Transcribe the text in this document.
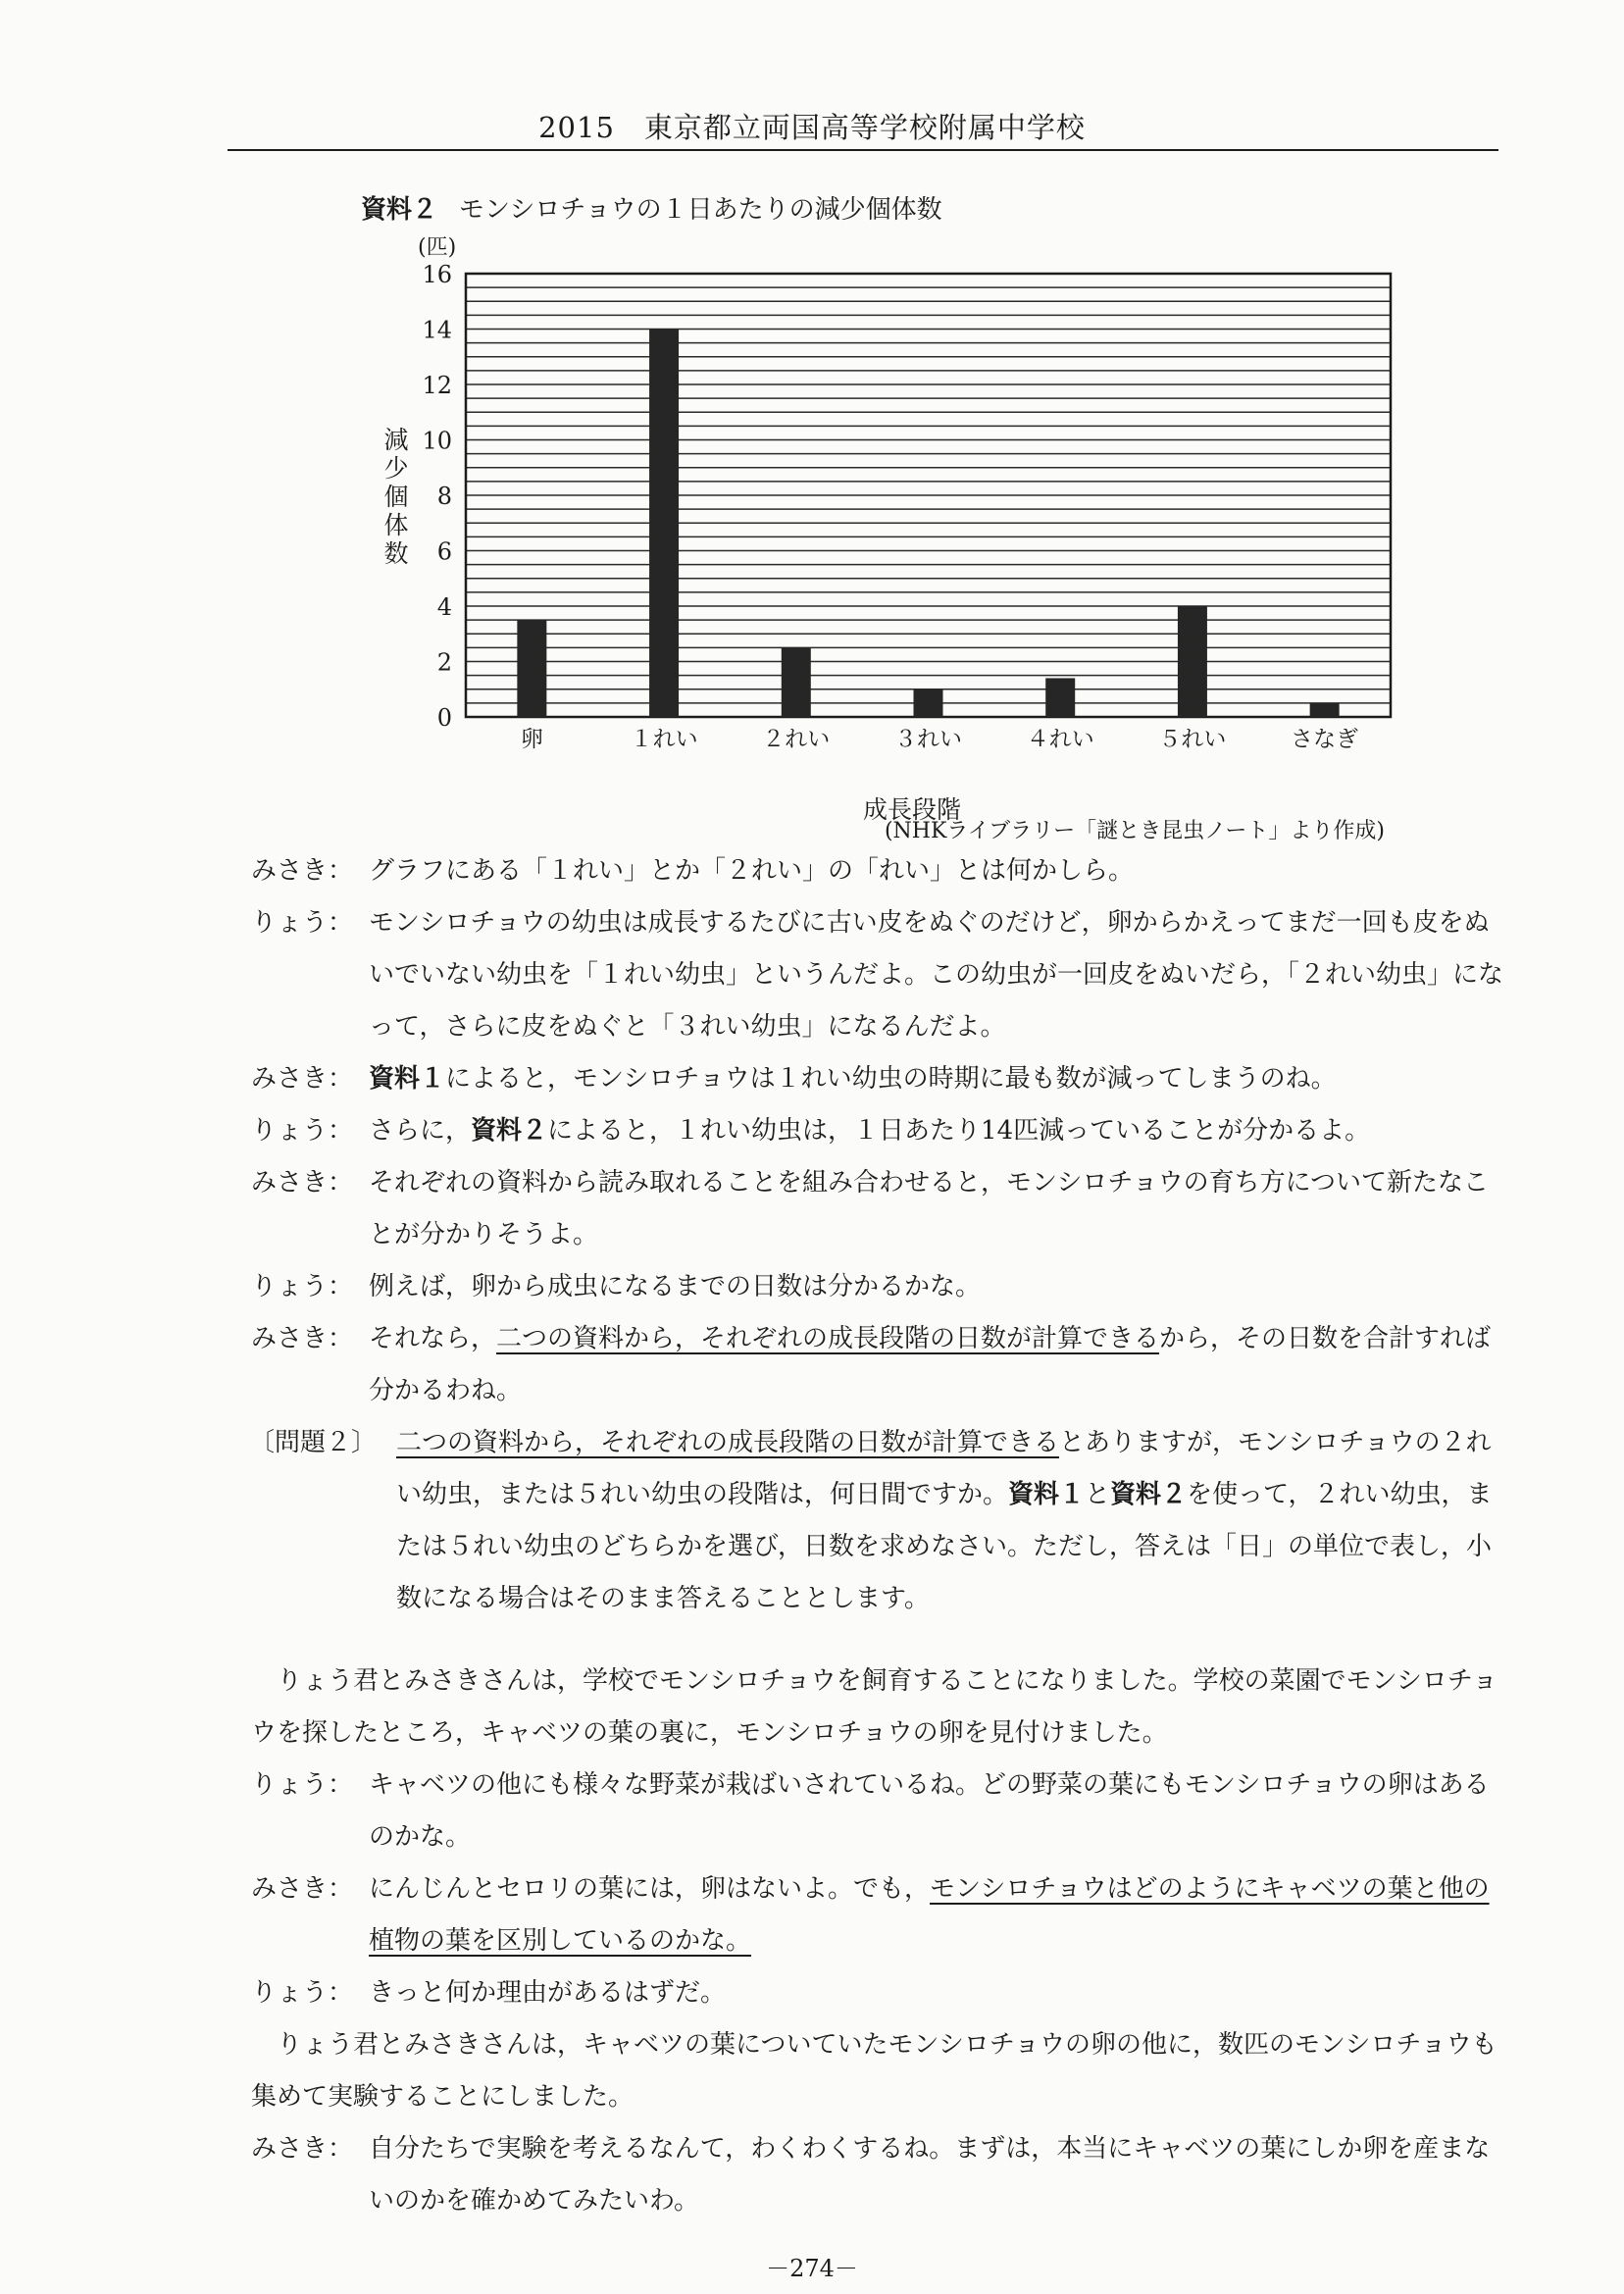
2015　東京都立両国高等学校附属中学校
資料２ モンシロチョウの１日あたりの減少個体数
(匹)
減少個体数
0
2
4
6
8
10
12
14
16
卵	１れい	２れい	３れい	４れい	５れい	さなぎ
成長段階
(NHKライブラリー「謎とき昆虫ノート」より作成)
みさき： グラフにある「１れい」とか「２れい」の「れい」とは何かしら。
りょう： モンシロチョウの幼虫は成長するたびに古い皮をぬぐのだけど，卵からかえってまだ一回も皮をぬいでいない幼虫を「１れい幼虫」というんだよ。この幼虫が一回皮をぬいだら，「２れい幼虫」になって，さらに皮をぬぐと「３れい幼虫」になるんだよ。
みさき： 資料１によると，モンシロチョウは１れい幼虫の時期に最も数が減ってしまうのね。
りょう： さらに，資料２によると，１れい幼虫は，１日あたり14匹減っていることが分かるよ。
みさき： それぞれの資料から読み取れることを組み合わせると，モンシロチョウの育ち方について新たなことが分かりそうよ。
りょう： 例えば，卵から成虫になるまでの日数は分かるかな。
みさき： それなら，二つの資料から，それぞれの成長段階の日数が計算できるから，その日数を合計すれば分かるわね。
〔問題２〕 二つの資料から，それぞれの成長段階の日数が計算できるとありますが，モンシロチョウの２れい幼虫，または５れい幼虫の段階は，何日間ですか。資料１と資料２を使って，２れい幼虫，または５れい幼虫のどちらかを選び，日数を求めなさい。ただし，答えは「日」の単位で表し，小数になる場合はそのまま答えることとします。
りょう君とみさきさんは，学校でモンシロチョウを飼育することになりました。学校の菜園でモンシロチョウを探したところ，キャベツの葉の裏に，モンシロチョウの卵を見付けました。
りょう： キャベツの他にも様々な野菜が栽ばいされているね。どの野菜の葉にもモンシロチョウの卵はあるのかな。
みさき： にんじんとセロリの葉には，卵はないよ。でも，モンシロチョウはどのようにキャベツの葉と他の植物の葉を区別しているのかな。
りょう： きっと何か理由があるはずだ。
りょう君とみさきさんは，キャベツの葉についていたモンシロチョウの卵の他に，数匹のモンシロチョウも集めて実験することにしました。
みさき： 自分たちで実験を考えるなんて，わくわくするね。まずは，本当にキャベツの葉にしか卵を産まないのかを確かめてみたいわ。
－274－
